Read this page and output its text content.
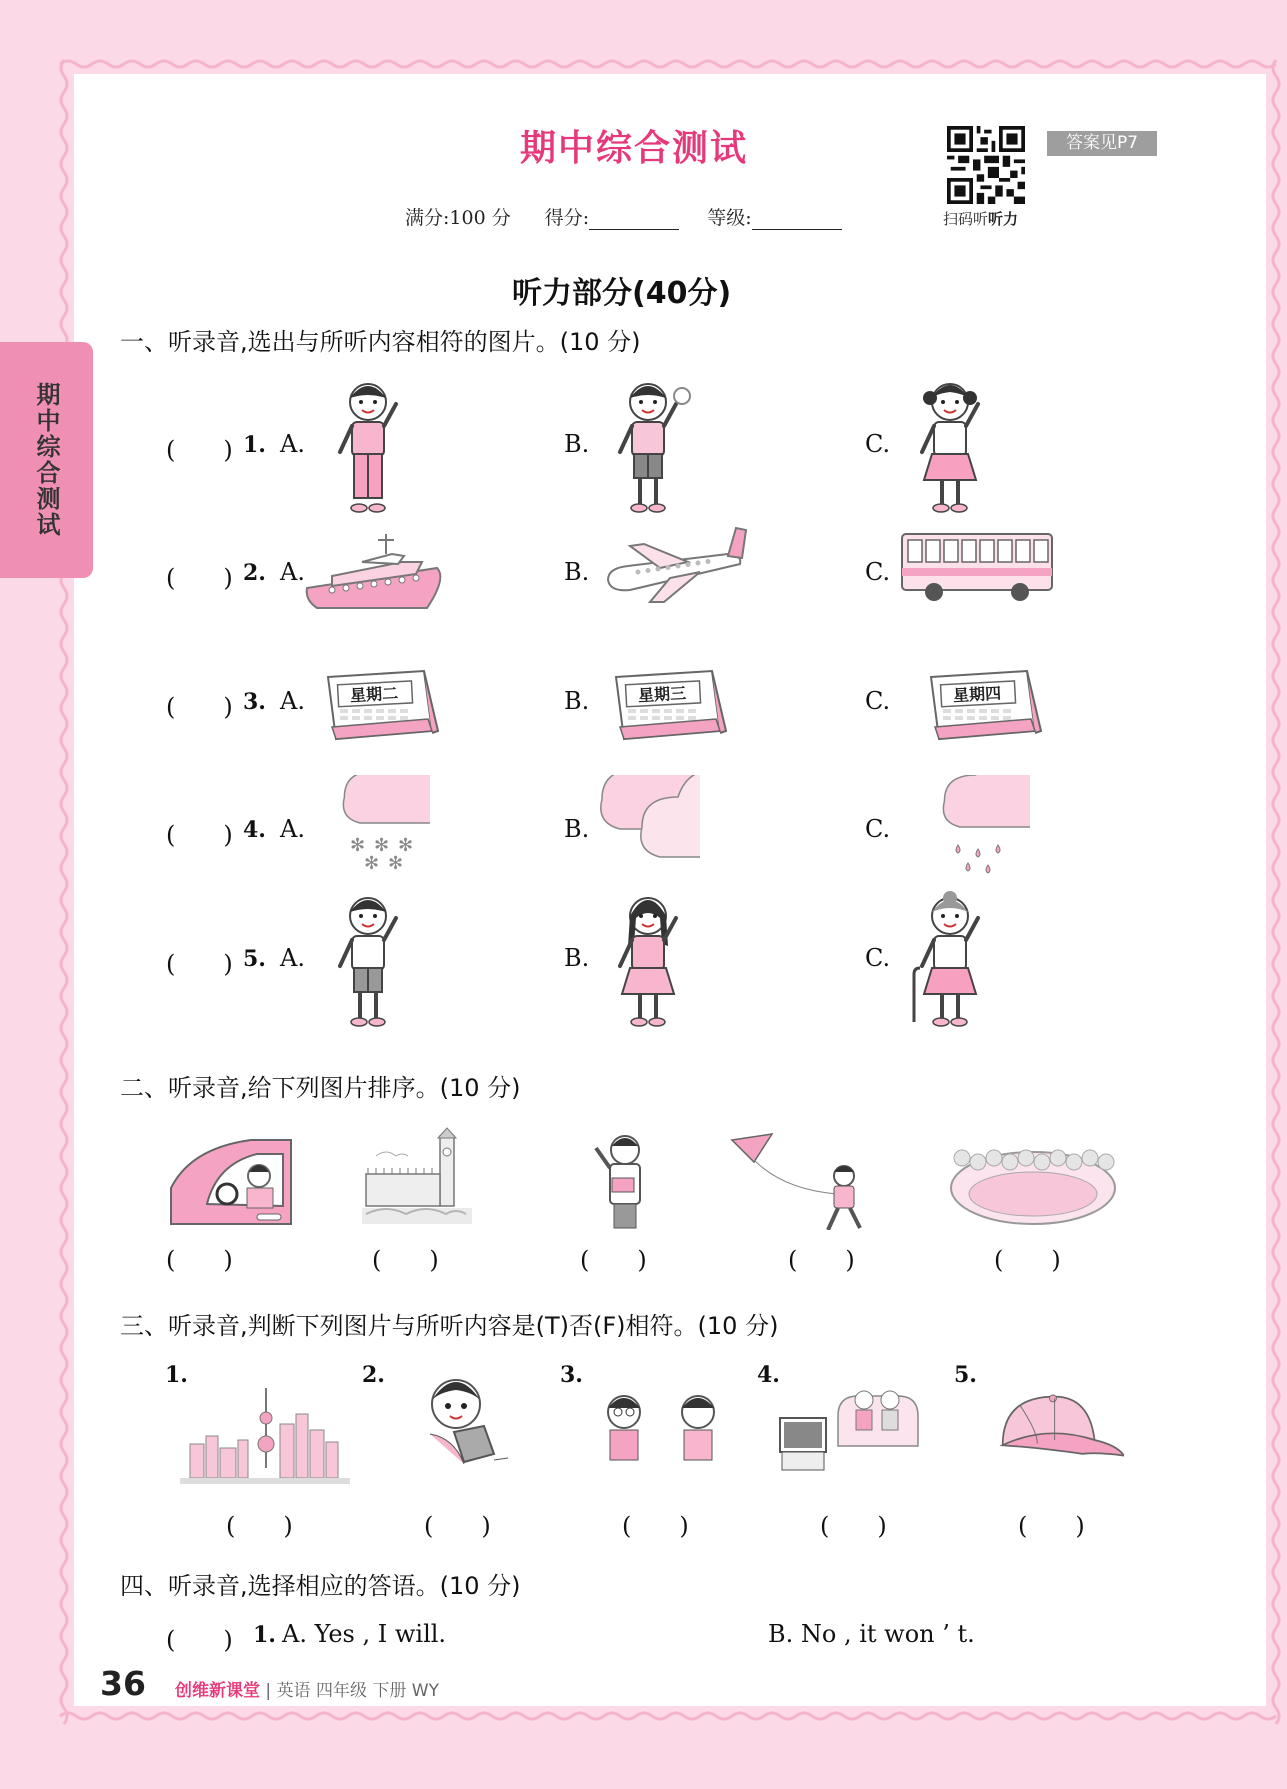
期中综合测试
期中综合测试
扫码听听力
答案见P7
满分:100 分 得分:	等级:
听力部分(40分)
一、听录音,选出与所听内容相符的图片。(10 分)
(　　) 1. A.	B.	C.
(　　) 2. A.	B.	C.
(　　) 3. A.	B.	C.
星期二	星期三	星期四
(　　) 4. A.	B.	C.
✻ ✻ ✻
✻ ✻
(　　) 5. A.	B.	C.
二、听录音,给下列图片排序。(10 分)
(　　)	(　　)	(　　)	(　　)	(　　)
三、听录音,判断下列图片与所听内容是(T)否(F)相符。(10 分)
1.	2.	3.	4.	5.
(　　)	(　　)	(　　)	(　　)	(　　)
四、听录音,选择相应的答语。(10 分)
(　　) 1. A. Yes , I will.	B. No , it won ’ t.
36 创维新课堂 | 英语 四年级 下册 WY
